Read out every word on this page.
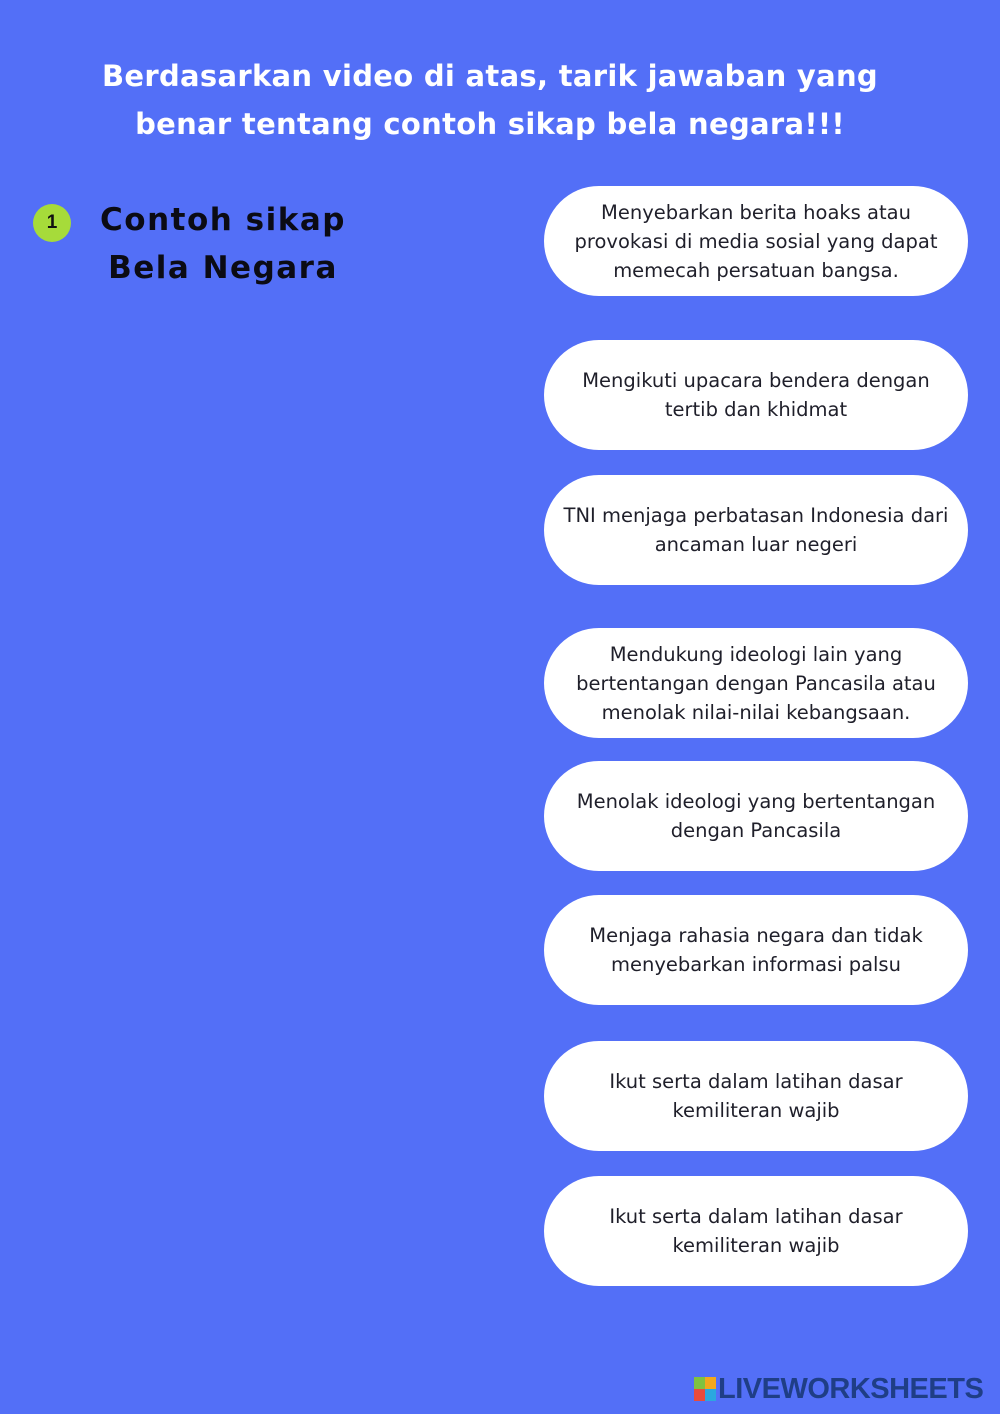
Berdasarkan video di atas, tarik jawaban yang
benar tentang contoh sikap bela negara!!!
1	Contoh sikap
Bela Negara
Menyebarkan berita hoaks atau provokasi di media sosial yang dapat memecah persatuan bangsa.
Mengikuti upacara bendera dengan tertib dan khidmat
TNI menjaga perbatasan Indonesia dari ancaman luar negeri
Mendukung ideologi lain yang bertentangan dengan Pancasila atau menolak nilai-nilai kebangsaan.
Menolak ideologi yang bertentangan dengan Pancasila
Menjaga rahasia negara dan tidak menyebarkan informasi palsu
Ikut serta dalam latihan dasar kemiliteran wajib
Ikut serta dalam latihan dasar kemiliteran wajib
LIVEWORKSHEETS
